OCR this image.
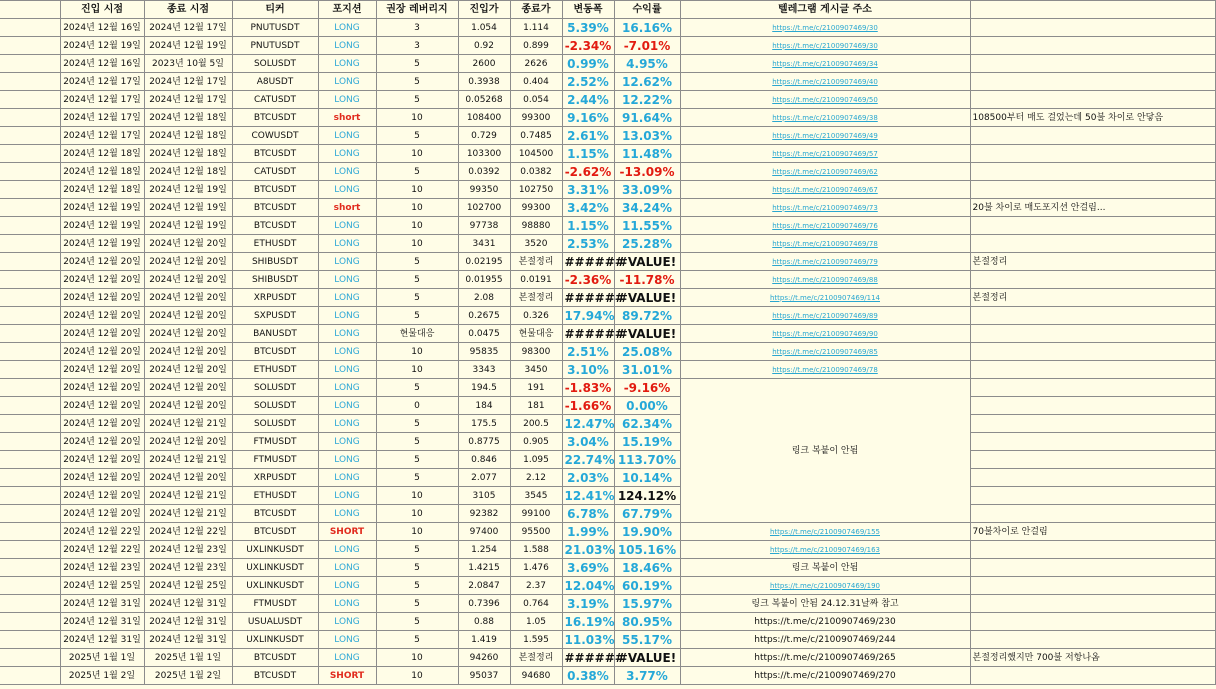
	진입 시점	종료 시점	티커	포지션	권장 레버리지	진입가	종료가	변동폭	수익률	텔레그램 게시글 주소	
	2024년 12월 16일	2024년 12월 17일	PNUTUSDT	LONG	3	1.054	1.114	5.39%	16.16%	https://t.me/c/2100907469/30	
	2024년 12월 19일	2024년 12월 19일	PNUTUSDT	LONG	3	0.92	0.899	-2.34%	-7.01%	https://t.me/c/2100907469/30	
	2024년 12월 16일	2023년 10월 5일	SOLUSDT	LONG	5	2600	2626	0.99%	4.95%	https://t.me/c/2100907469/34	
	2024년 12월 17일	2024년 12월 17일	A8USDT	LONG	5	0.3938	0.404	2.52%	12.62%	https://t.me/c/2100907469/40	
	2024년 12월 17일	2024년 12월 17일	CATUSDT	LONG	5	0.05268	0.054	2.44%	12.22%	https://t.me/c/2100907469/50	
	2024년 12월 17일	2024년 12월 18일	BTCUSDT	short	10	108400	99300	9.16%	91.64%	https://t.me/c/2100907469/38	108500부터 매도 걸었는데 50불 차이로 안닿음
	2024년 12월 17일	2024년 12월 18일	COWUSDT	LONG	5	0.729	0.7485	2.61%	13.03%	https://t.me/c/2100907469/49	
	2024년 12월 18일	2024년 12월 18일	BTCUSDT	LONG	10	103300	104500	1.15%	11.48%	https://t.me/c/2100907469/57	
	2024년 12월 18일	2024년 12월 18일	CATUSDT	LONG	5	0.0392	0.0382	-2.62%	-13.09%	https://t.me/c/2100907469/62	
	2024년 12월 18일	2024년 12월 19일	BTCUSDT	LONG	10	99350	102750	3.31%	33.09%	https://t.me/c/2100907469/67	
	2024년 12월 19일	2024년 12월 19일	BTCUSDT	short	10	102700	99300	3.42%	34.24%	https://t.me/c/2100907469/73	20불 차이로 매도포지션 안걸림...
	2024년 12월 19일	2024년 12월 19일	BTCUSDT	LONG	10	97738	98880	1.15%	11.55%	https://t.me/c/2100907469/76	
	2024년 12월 19일	2024년 12월 20일	ETHUSDT	LONG	10	3431	3520	2.53%	25.28%	https://t.me/c/2100907469/78	
	2024년 12월 20일	2024년 12월 20일	SHIBUSDT	LONG	5	0.02195	본절정리	######	#VALUE!	https://t.me/c/2100907469/79	본절정리
	2024년 12월 20일	2024년 12월 20일	SHIBUSDT	LONG	5	0.01955	0.0191	-2.36%	-11.78%	https://t.me/c/2100907469/88	
	2024년 12월 20일	2024년 12월 20일	XRPUSDT	LONG	5	2.08	본절정리	######	#VALUE!	https://t.me/c/2100907469/114	본절정리
	2024년 12월 20일	2024년 12월 20일	SXPUSDT	LONG	5	0.2675	0.326	17.94%	89.72%	https://t.me/c/2100907469/89	
	2024년 12월 20일	2024년 12월 20일	BANUSDT	LONG	현물대응	0.0475	현물대응	######	#VALUE!	https://t.me/c/2100907469/90	
	2024년 12월 20일	2024년 12월 20일	BTCUSDT	LONG	10	95835	98300	2.51%	25.08%	https://t.me/c/2100907469/85	
	2024년 12월 20일	2024년 12월 20일	ETHUSDT	LONG	10	3343	3450	3.10%	31.01%	https://t.me/c/2100907469/78	
	2024년 12월 20일	2024년 12월 20일	SOLUSDT	LONG	5	194.5	191	-1.83%	-9.16%	링크 복붙이 안됨	
	2024년 12월 20일	2024년 12월 20일	SOLUSDT	LONG	0	184	181	-1.66%	0.00%		
	2024년 12월 20일	2024년 12월 21일	SOLUSDT	LONG	5	175.5	200.5	12.47%	62.34%		
	2024년 12월 20일	2024년 12월 20일	FTMUSDT	LONG	5	0.8775	0.905	3.04%	15.19%		
	2024년 12월 20일	2024년 12월 21일	FTMUSDT	LONG	5	0.846	1.095	22.74%	113.70%		
	2024년 12월 20일	2024년 12월 20일	XRPUSDT	LONG	5	2.077	2.12	2.03%	10.14%		
	2024년 12월 20일	2024년 12월 21일	ETHUSDT	LONG	10	3105	3545	12.41%	124.12%		
	2024년 12월 20일	2024년 12월 21일	BTCUSDT	LONG	10	92382	99100	6.78%	67.79%		
	2024년 12월 22일	2024년 12월 22일	BTCUSDT	SHORT	10	97400	95500	1.99%	19.90%	https://t.me/c/2100907469/155	70불차이로 안걸림
	2024년 12월 22일	2024년 12월 23일	UXLINKUSDT	LONG	5	1.254	1.588	21.03%	105.16%	https://t.me/c/2100907469/163	
	2024년 12월 23일	2024년 12월 23일	UXLINKUSDT	LONG	5	1.4215	1.476	3.69%	18.46%	링크 복붙이 안됨	
	2024년 12월 25일	2024년 12월 25일	UXLINKUSDT	LONG	5	2.0847	2.37	12.04%	60.19%	https://t.me/c/2100907469/190	
	2024년 12월 31일	2024년 12월 31일	FTMUSDT	LONG	5	0.7396	0.764	3.19%	15.97%	링크 복붙이 안됨 24.12.31날짜 참고	
	2024년 12월 31일	2024년 12월 31일	USUALUSDT	LONG	5	0.88	1.05	16.19%	80.95%	https://t.me/c/2100907469/230	
	2024년 12월 31일	2024년 12월 31일	UXLINKUSDT	LONG	5	1.419	1.595	11.03%	55.17%	https://t.me/c/2100907469/244	
	2025년 1월 1일	2025년 1월 1일	BTCUSDT	LONG	10	94260	본절정리	######	#VALUE!	https://t.me/c/2100907469/265	본절정리했지만 700불 저항나옴
	2025년 1월 2일	2025년 1월 2일	BTCUSDT	SHORT	10	95037	94680	0.38%	3.77%	https://t.me/c/2100907469/270	
